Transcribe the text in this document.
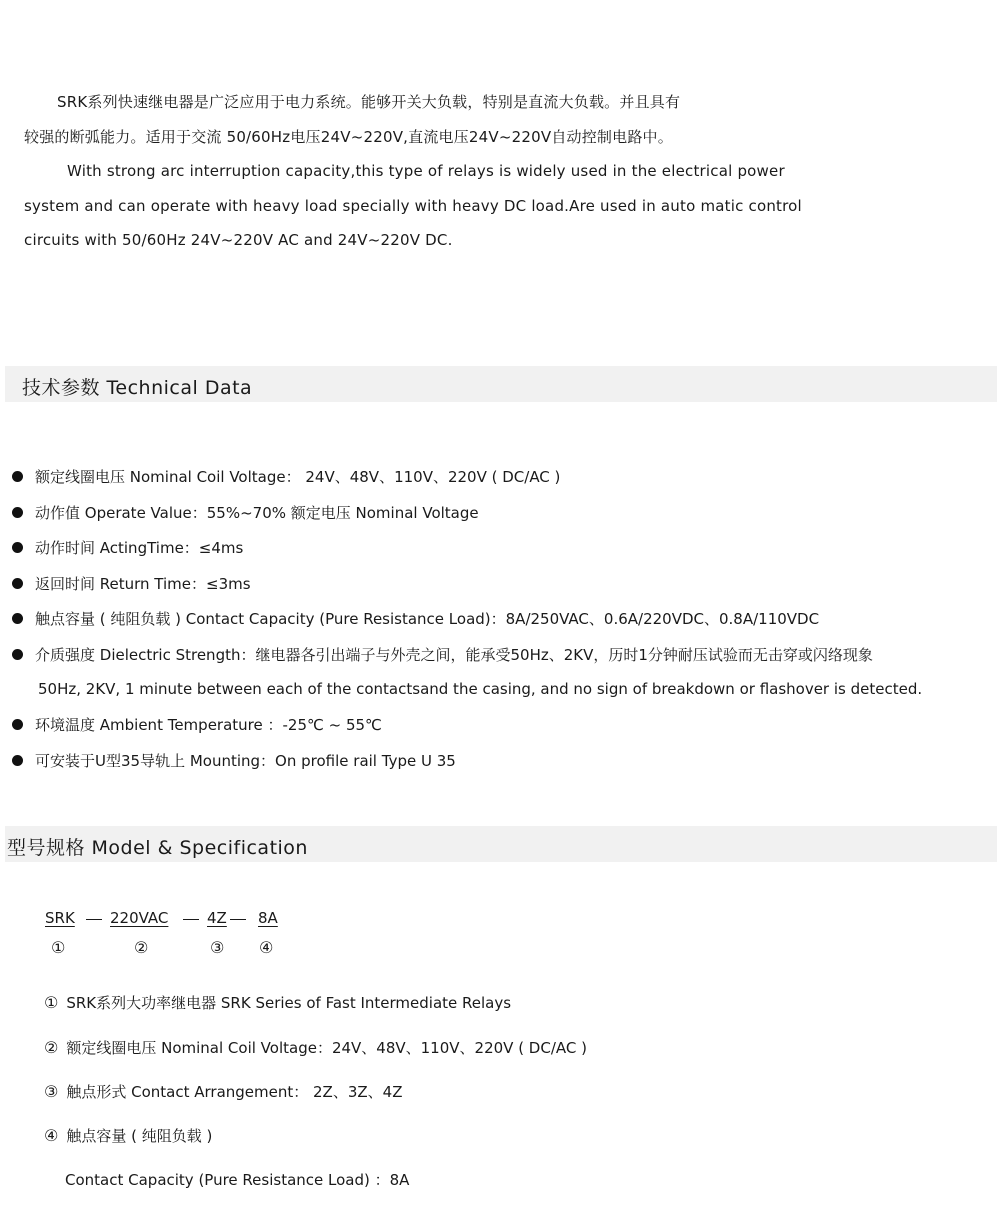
SRK系列快速继电器是广泛应用于电力系统。能够开关大负载，特别是直流大负载。并且具有
较强的断弧能力。适用于交流 50/60Hz电压24V~220V,直流电压24V~220V自动控制电路中。
With strong arc interruption capacity,this type of relays is widely used in the electrical power
system and can operate with heavy load specially with heavy DC load.Are used in auto matic control
circuits with 50/60Hz 24V~220V AC and 24V~220V DC.
技术参数 Technical Data
额定线圈电压 Nominal Coil Voltage： 24V、48V、110V、220V ( DC/AC )
动作值 Operate Value：55%~70% 额定电压 Nominal Voltage
动作时间 ActingTime：≤4ms
返回时间 Return Time：≤3ms
触点容量 ( 纯阻负载 ) Contact Capacity (Pure Resistance Load)：8A/250VAC、0.6A/220VDC、0.8A/110VDC
介质强度 Dielectric Strength：继电器各引出端子与外壳之间，能承受50Hz、2KV，历时1分钟耐压试验而无击穿或闪络现象
50Hz, 2KV, 1 minute between each of the contactsand the casing, and no sign of breakdown or flashover is detected.
环境温度 Ambient Temperature ：-25℃ ~ 55℃
可安装于U型35导轨上 Mounting：On profile rail Type U 35
型号规格 Model & Specification
SRK 220VAC	4Z 8A
①	②	③ ④
① SRK系列大功率继电器 SRK Series of Fast Intermediate Relays
② 额定线圈电压 Nominal Coil Voltage：24V、48V、110V、220V ( DC/AC )
③ 触点形式 Contact Arrangement： 2Z、3Z、4Z
④ 触点容量 ( 纯阻负载 )
Contact Capacity (Pure Resistance Load) ：8A
